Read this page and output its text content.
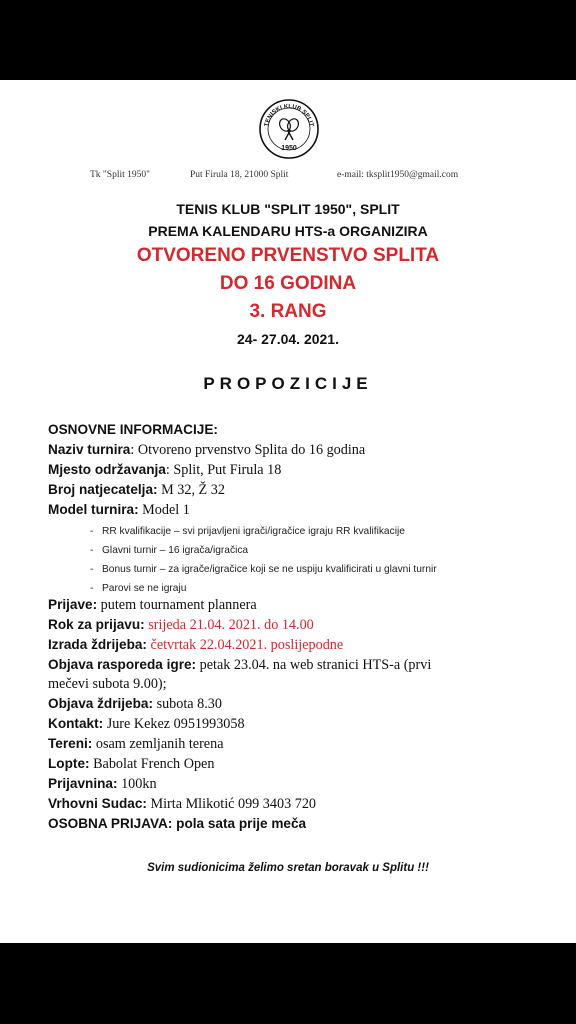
TENISKI KLUB SPLIT
1950
Tk "Split 1950"	Put Firula 18, 21000 Split	e-mail: tksplit1950@gmail.com
TENIS KLUB "SPLIT 1950", SPLIT
PREMA KALENDARU HTS-a ORGANIZIRA
OTVORENO PRVENSTVO SPLITA
DO 16 GODINA
3. RANG
24- 27.04. 2021.
PROPOZICIJE
OSNOVNE INFORMACIJE:
Naziv turnira: Otvoreno prvenstvo Splita do 16 godina
Mjesto održavanja: Split, Put Firula 18
Broj natjecatelja: M 32, Ž 32
Model turnira: Model 1
- RR kvalifikacije – svi prijavljeni igrači/igračice igraju RR kvalifikacije
- Glavni turnir – 16 igrača/igračica
- Bonus turnir – za igrače/igračice koji se ne uspiju kvalificirati u glavni turnir
- Parovi se ne igraju
Prijave: putem tournament plannera
Rok za prijavu: srijeda 21.04. 2021. do 14.00
Izrada ždrijeba: četvrtak 22.04.2021. poslijepodne
Objava rasporeda igre: petak 23.04. na web stranici HTS-a (prvi
mečevi subota 9.00);
Objava ždrijeba: subota 8.30
Kontakt: Jure Kekez 0951993058
Tereni: osam zemljanih terena
Lopte: Babolat French Open
Prijavnina: 100kn
Vrhovni Sudac: Mirta Mlikotić 099 3403 720
OSOBNA PRIJAVA: pola sata prije meča
Svim sudionicima želimo sretan boravak u Splitu !!!
